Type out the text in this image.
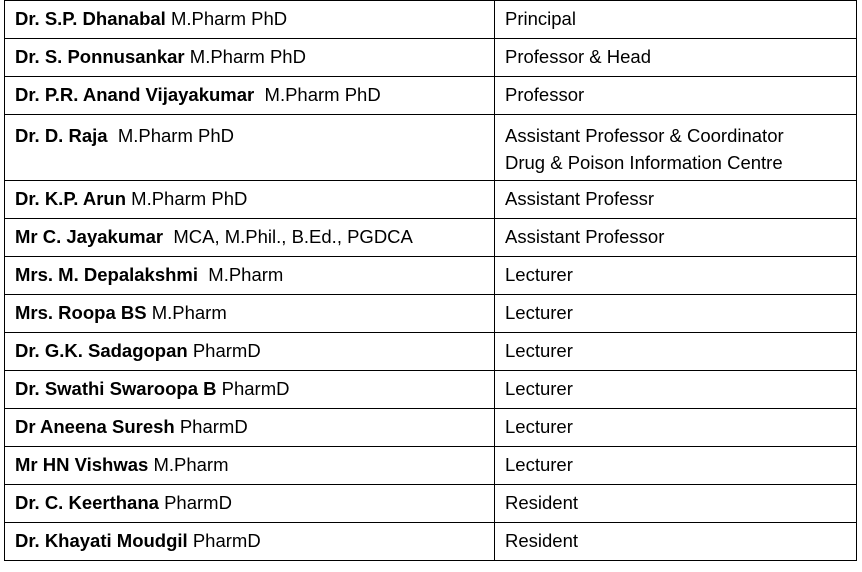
Dr. S.P. Dhanabal M.Pharm PhD	Principal

Dr. S. Ponnusankar M.Pharm PhD	Professor & Head

Dr. P.R. Anand Vijayakumar  M.Pharm PhD	Professor

Dr. D. Raja  M.Pharm PhD	Assistant Professor & Coordinator
Drug & Poison Information Centre

Dr. K.P. Arun M.Pharm PhD	Assistant Professr

Mr C. Jayakumar  MCA, M.Phil., B.Ed., PGDCA	Assistant Professor

Mrs. M. Depalakshmi  M.Pharm	Lecturer

Mrs. Roopa BS M.Pharm	Lecturer

Dr. G.K. Sadagopan PharmD	Lecturer

Dr. Swathi Swaroopa B PharmD	Lecturer

Dr Aneena Suresh PharmD	Lecturer

Mr HN Vishwas M.Pharm	Lecturer

Dr. C. Keerthana PharmD	Resident

Dr. Khayati Moudgil PharmD	Resident
